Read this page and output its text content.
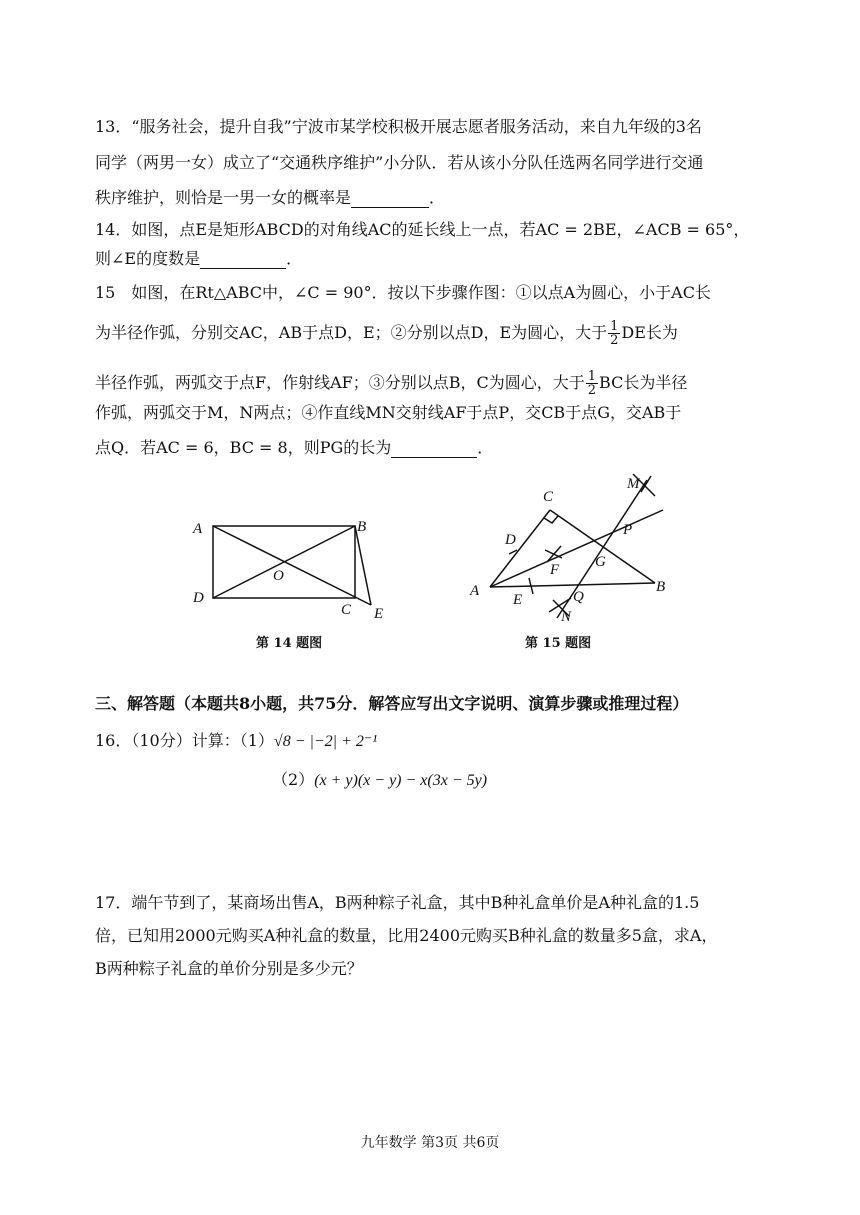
13．“服务社会，提升自我”宁波市某学校积极开展志愿者服务活动，来自九年级的3名
同学（两男一女）成立了“交通秩序维护”小分队．若从该小分队任选两名同学进行交通
秩序维护，则恰是一男一女的概率是	．
14．如图，点E是矩形ABCD的对角线AC的延长线上一点，若AC = 2BE，∠ACB = 65°，
则∠E的度数是	．
15　如图，在Rt△ABC中，∠C = 90°．按以下步骤作图：①以点A为圆心，小于AC长
为半径作弧，分别交AC，AB于点D，E；②分别以点D，E为圆心，大于 $\frac{1}{2}$ DE长为
半径作弧，两弧交于点F，作射线AF；③分别以点B，C为圆心，大于 $\frac{1}{2}$ BC长为半径
作弧，两弧交于M，N两点；④作直线MN交射线AF于点P，交CB于点G，交AB于
点Q．若AC = 6，BC = 8，则PG的长为	．
A	B
C
D
O
E
第 14 题图
A	B
C
D
E
F G
M
N
P
Q
第 15 题图
三、解答题（本题共8小题，共75分．解答应写出文字说明、演算步骤或推理过程）
16．（10分）计算：（1）√8 − |−2| + 2⁻¹
（2）(x + y)(x − y) − x(3x − 5y)
17．端午节到了，某商场出售A，B两种粽子礼盒，其中B种礼盒单价是A种礼盒的1.5
倍，已知用2000元购买A种礼盒的数量，比用2400元购买B种礼盒的数量多5盒，求A，
B两种粽子礼盒的单价分别是多少元？
九年数学 第3页 共6页
